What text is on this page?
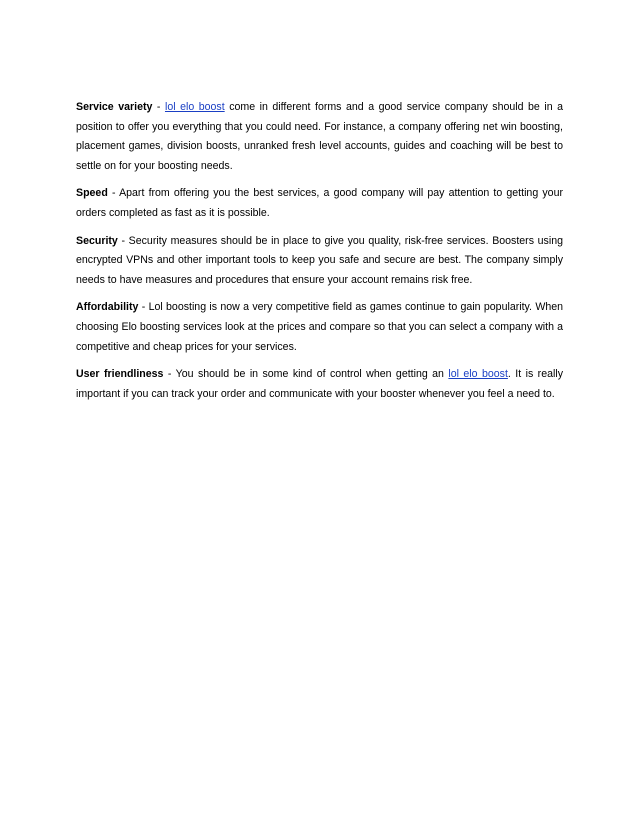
Service variety - lol elo boost come in different forms and a good service company should be in a position to offer you everything that you could need. For instance, a company offering net win boosting, placement games, division boosts, unranked fresh level accounts, guides and coaching will be best to settle on for your boosting needs.

Speed - Apart from offering you the best services, a good company will pay attention to getting your orders completed as fast as it is possible.

Security - Security measures should be in place to give you quality, risk-free services. Boosters using encrypted VPNs and other important tools to keep you safe and secure are best. The company simply needs to have measures and procedures that ensure your account remains risk free.

Affordability - Lol boosting is now a very competitive field as games continue to gain popularity. When choosing Elo boosting services look at the prices and compare so that you can select a company with a competitive and cheap prices for your services.

User friendliness - You should be in some kind of control when getting an lol elo boost. It is really important if you can track your order and communicate with your booster whenever you feel a need to.
